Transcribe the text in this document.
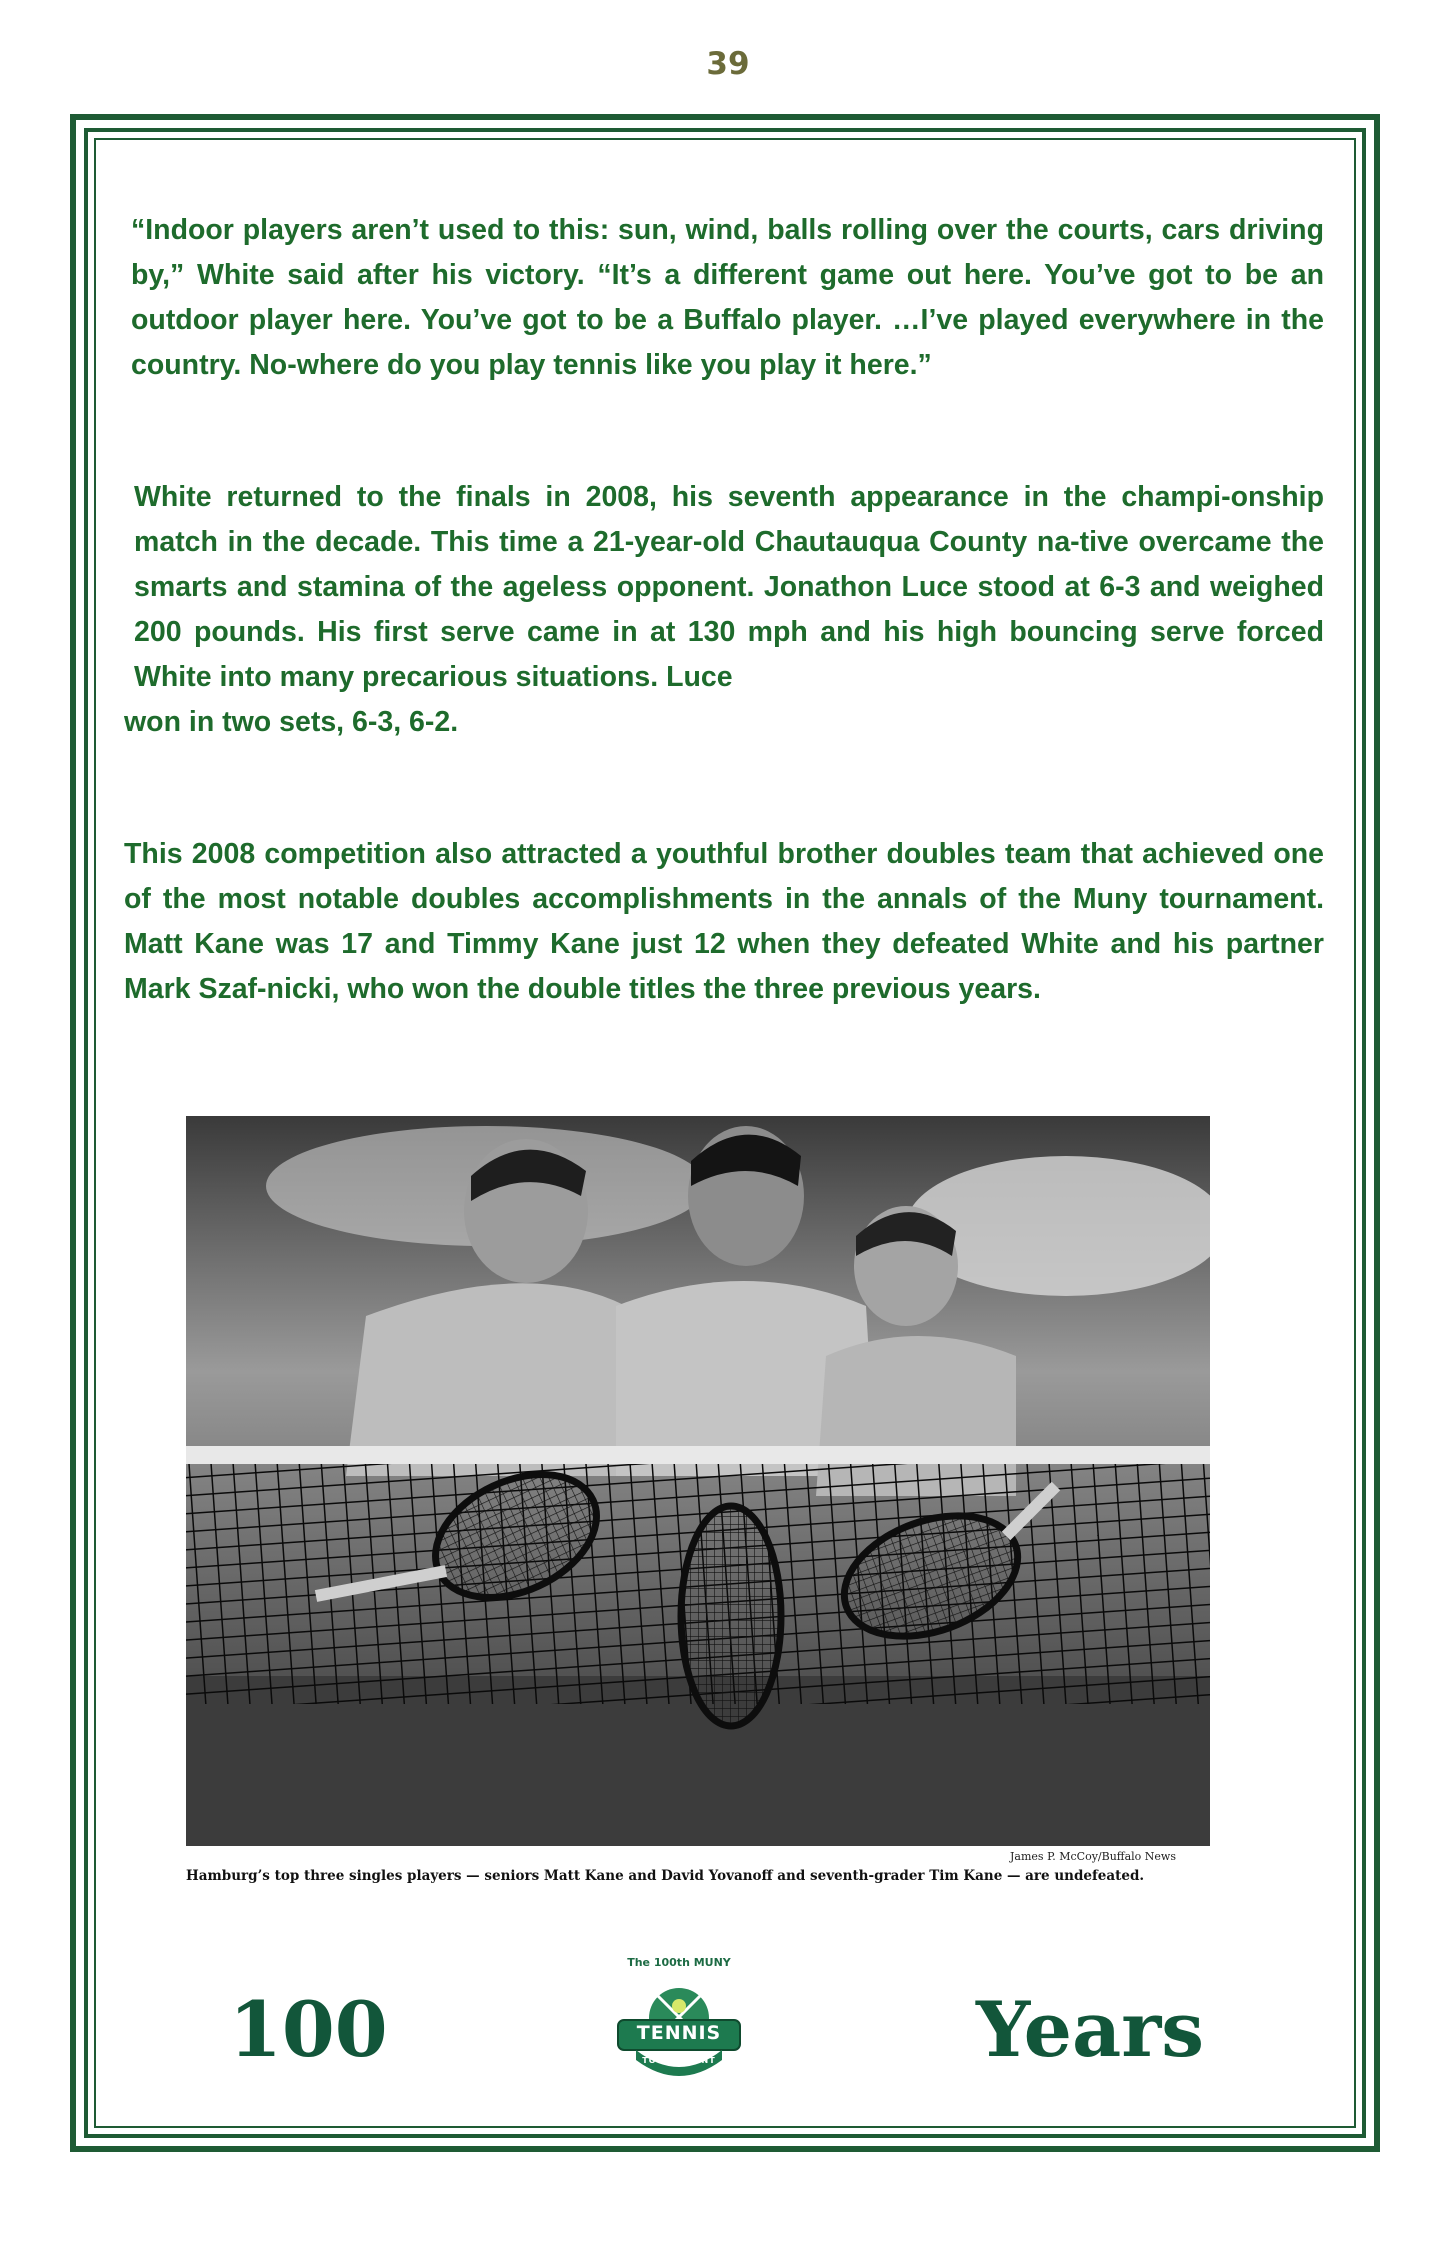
39
“Indoor players aren’t used to this: sun, wind, balls rolling over the courts, cars driving by,” White said after his victory. “It’s a different game out here. You’ve got to be an outdoor player here. You’ve got to be a Buffalo player. …I’ve played everywhere in the country. No-where do you play tennis like you play it here.”
White returned to the finals in 2008, his seventh appearance in the champi-onship match in the decade. This time a 21-year-old Chautauqua County na-tive overcame the smarts and stamina of the ageless opponent. Jonathon Luce stood at 6-3 and weighed 200 pounds. His first serve came in at 130 mph and his high bouncing serve forced White into many precarious situations. Luce
won in two sets, 6-3, 6-2.
This 2008 competition also attracted a youthful brother doubles team that achieved one of the most notable doubles accomplishments in the annals of the Muny tournament. Matt Kane was 17 and Timmy Kane just 12 when they defeated White and his partner Mark Szaf-nicki, who won the double titles the three previous years.
James P. McCoy/Buffalo News
Hamburg’s top three singles players — seniors Matt Kane and David Yovanoff and seventh-grader Tim Kane — are undefeated.
100
The 100th MUNY
TENNIS
TOURNAMENT	Years
